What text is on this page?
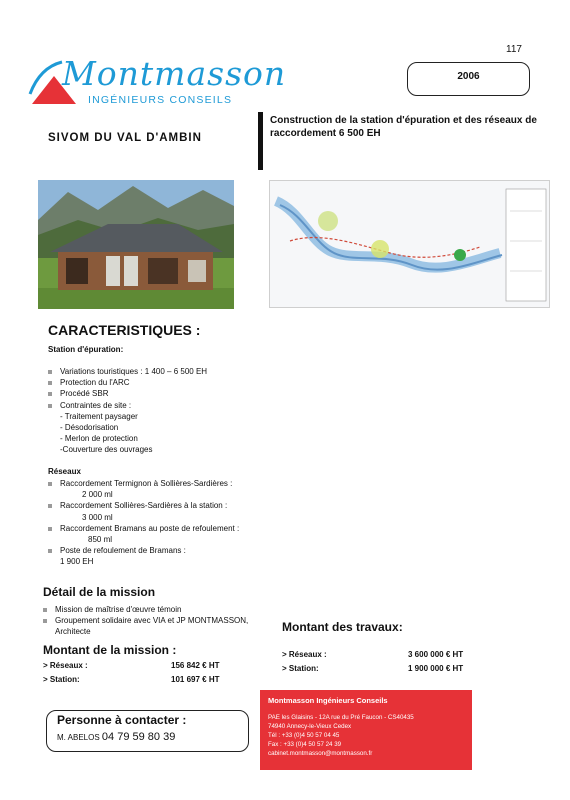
117
Montmasson
INGÉNIEURS CONSEILS
2006
SIVOM DU VAL D'AMBIN
Construction de la station d'épuration et des réseaux de raccordement 6 500 EH
CARACTERISTIQUES :
Station d'épuration:
Variations touristiques : 1 400 – 6 500 EH
Protection du l'ARC
Procédé SBR
Contraintes de site :
- Traitement paysager
- Désodorisation
- Merlon de protection
-Couverture des ouvrages
Réseaux
Raccordement Termignon à Sollières-Sardières :
2 000 ml
Raccordement Sollières-Sardières à la station :
3 000 ml
Raccordement Bramans au poste de refoulement :
850 ml
Poste de refoulement de Bramans :
1 900 EH
Détail de la mission
Mission de maîtrise d'œuvre témoin
Groupement solidaire avec VIA et JP MONTMASSON, Architecte
Montant de la mission :
> Réseaux :	156 842 € HT
> Station:	101 697 € HT
Montant des travaux:
> Réseaux :	3 600 000 € HT
> Station:	1 900 000 € HT
Personne à contacter :
M. ABELOS 04 79 59 80 39
Montmasson Ingénieurs Conseils
PAE les Glaisins - 12A rue du Pré Faucon - CS40435
74940 Annecy-le-Vieux Cedex
Tél : +33 (0)4 50 57 04 45
Fax : +33 (0)4 50 57 24 39
cabinet.montmasson@montmasson.fr
